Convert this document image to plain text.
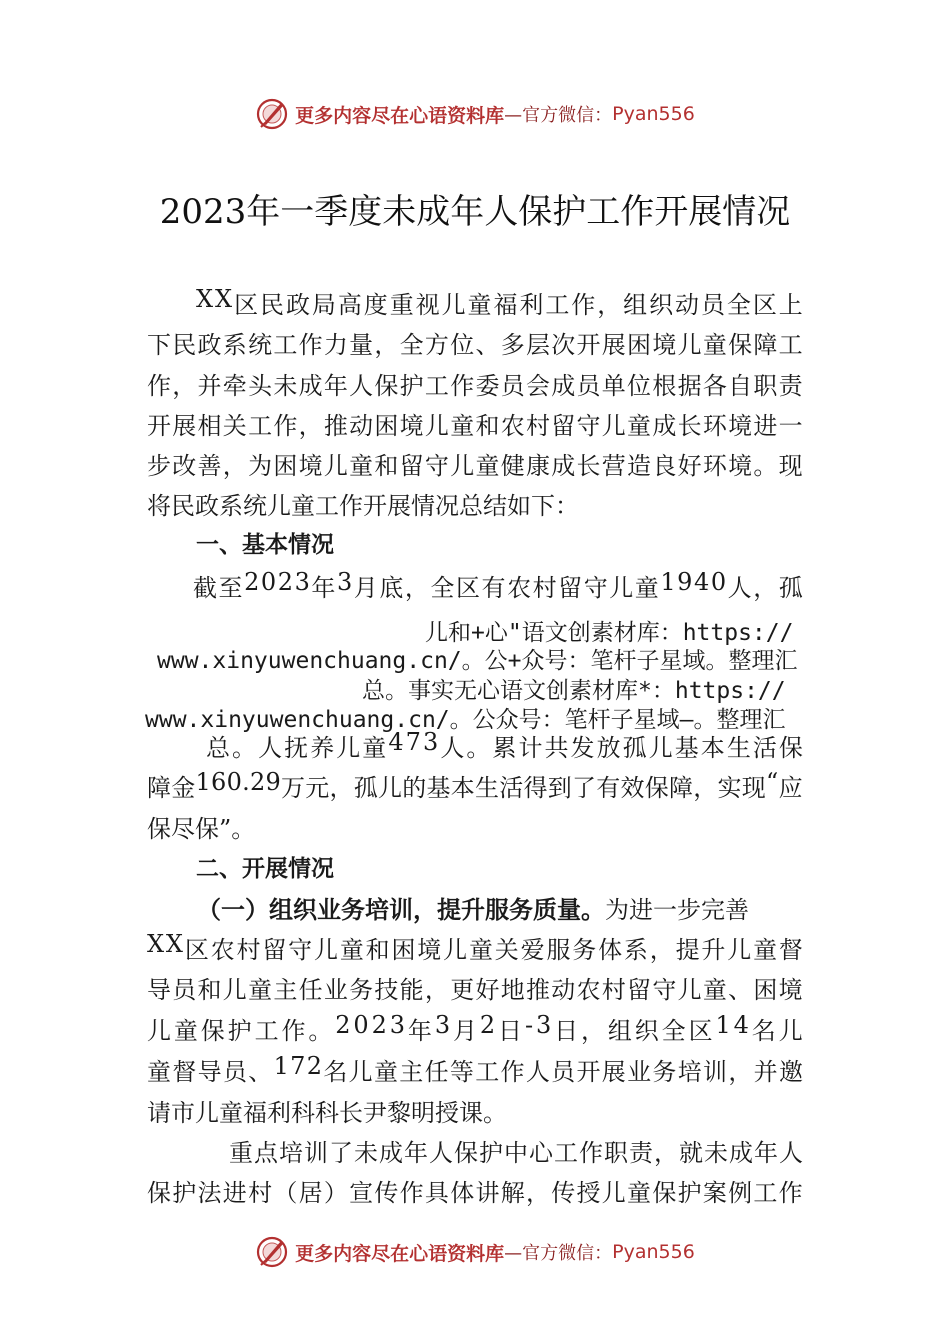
更多内容尽在心语资料库 —官方微信： Pyan556
2023年一季度未成年人保护工作开展情况
X X 区 民 政 局 高 度 重 视 儿 童 福 利 工 作 ， 组 织 动 员 全 区 上
下 民 政 系 统 工 作 力 量 ， 全 方 位 、 多 层 次 开 展 困 境 儿 童 保 障 工
作 ， 并 牵 头 未 成 年 人 保 护 工 作 委 员 会 成 员 单 位 根 据 各 自 职 责
开 展 相 关 工 作 ， 推 动 困 境 儿 童 和 农 村 留 守 儿 童 成 长 环 境 进 一
步 改 善 ， 为 困 境 儿 童 和 留 守 儿 童 健 康 成 长 营 造 良 好 环 境 。 现
将民政系统儿童工作开展情况总结如下：
一、基本情况
截 至 2 0 2 3 年 3 月 底 ， 全 区 有 农 村 留 守 儿 童 1 9 4 0 人 ， 孤
儿和+心"语文创素材库：https://
www.xinyuwenchuang.cn/。公+众号：笔杆子星域。整理汇
总。事实无心语文创素材库*：https://
www.xinyuwenchuang.cn/。公众号：笔杆子星域—。整理汇
总 。 人 抚 养 儿 童 4 7 3 人 。 累 计 共 发 放 孤 儿 基 本 生 活 保
障 金 1 6 0 . 2 9 万 元 ， 孤 儿 的 基 本 生 活 得 到 了 有 效 保 障 ， 实 现 “ 应
保尽保”。
二、开展情况
（一）组织业务培训，提升服务质量。为进一步完善
X X 区 农 村 留 守 儿 童 和 困 境 儿 童 关 爱 服 务 体 系 ， 提 升 儿 童 督
导 员 和 儿 童 主 任 业 务 技 能 ， 更 好 地 推 动 农 村 留 守 儿 童 、 困 境
儿 童 保 护 工 作 。 2 0 2 3 年 3 月 2 日 - 3 日 ， 组 织 全 区 1 4 名 儿
童 督 导 员 、 1 7 2 名 儿 童 主 任 等 工 作 人 员 开 展 业 务 培 训 ， 并 邀
请市儿童福利科科长尹黎明授课。
重 点 培 训 了 未 成 年 人 保 护 中 心 工 作 职 责 ， 就 未 成 年 人
保 护 法 进 村 （ 居 ） 宣 传 作 具 体 讲 解 ， 传 授 儿 童 保 护 案 例 工 作
更多内容尽在心语资料库 —官方微信： Pyan556
